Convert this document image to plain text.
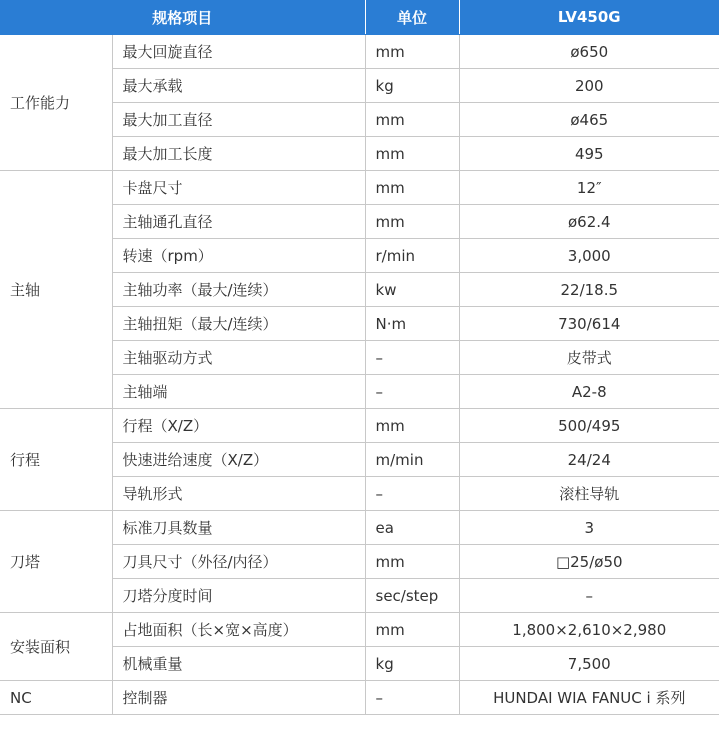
规格项目		单位	LV450G
工作能力	最大回旋直径	mm	ø650
	最大承载	kg	200
	最大加工直径	mm	ø465
	最大加工长度	mm	495
主轴	卡盘尺寸	mm	12″
	主轴通孔直径	mm	ø62.4
	转速（rpm）	r/min	3,000
	主轴功率（最大/连续）	kw	22/18.5
	主轴扭矩（最大/连续）	N·m	730/614
	主轴驱动方式	–	皮带式
	主轴端	–	A2-8
行程	行程（X/Z）	mm	500/495
	快速进给速度（X/Z）	m/min	24/24
	导轨形式	–	滚柱导轨
刀塔	标准刀具数量	ea	3
	刀具尺寸（外径/内径）	mm	□25/ø50
	刀塔分度时间	sec/step	–
安装面积	占地面积（长×宽×高度）	mm	1,800×2,610×2,980
	机械重量	kg	7,500
NC	控制器	–	HUNDAI WIA FANUC i 系列
